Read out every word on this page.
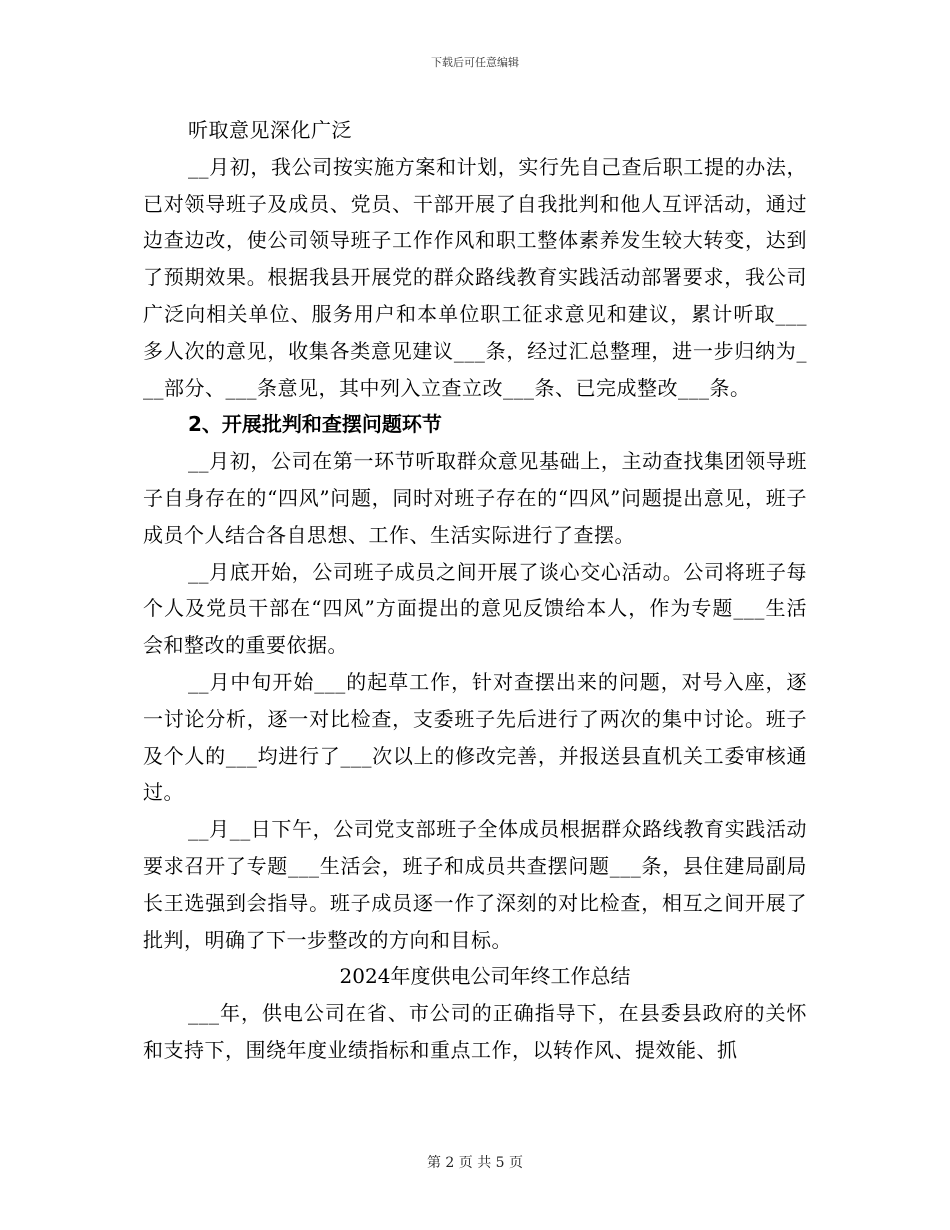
下载后可任意编辑

听取意见深化广泛

__月初，我公司按实施方案和计划，实行先自己查后职工提的办法，已对领导班子及成员、党员、干部开展了自我批判和他人互评活动，通过边查边改，使公司领导班子工作作风和职工整体素养发生较大转变，达到了预期效果。根据我县开展党的群众路线教育实践活动部署要求，我公司广泛向相关单位、服务用户和本单位职工征求意见和建议，累计听取___多人次的意见，收集各类意见建议___条，经过汇总整理，进一步归纳为___部分、___条意见，其中列入立查立改___条、已完成整改___条。

2、开展批判和查摆问题环节

__月初，公司在第一环节听取群众意见基础上，主动查找集团领导班子自身存在的“四风”问题，同时对班子存在的“四风”问题提出意见，班子成员个人结合各自思想、工作、生活实际进行了查摆。

__月底开始，公司班子成员之间开展了谈心交心活动。公司将班子每个人及党员干部在“四风”方面提出的意见反馈给本人，作为专题___生活会和整改的重要依据。

__月中旬开始___的起草工作，针对查摆出来的问题，对号入座，逐一讨论分析，逐一对比检查，支委班子先后进行了两次的集中讨论。班子及个人的___均进行了___次以上的修改完善，并报送县直机关工委审核通过。

__月__日下午，公司党支部班子全体成员根据群众路线教育实践活动要求召开了专题___生活会，班子和成员共查摆问题___条，县住建局副局长王选强到会指导。班子成员逐一作了深刻的对比检查，相互之间开展了批判，明确了下一步整改的方向和目标。

2024年度供电公司年终工作总结

___年，供电公司在省、市公司的正确指导下，在县委县政府的关怀和支持下，围绕年度业绩指标和重点工作，以转作风、提效能、抓

第 2 页 共 5 页
